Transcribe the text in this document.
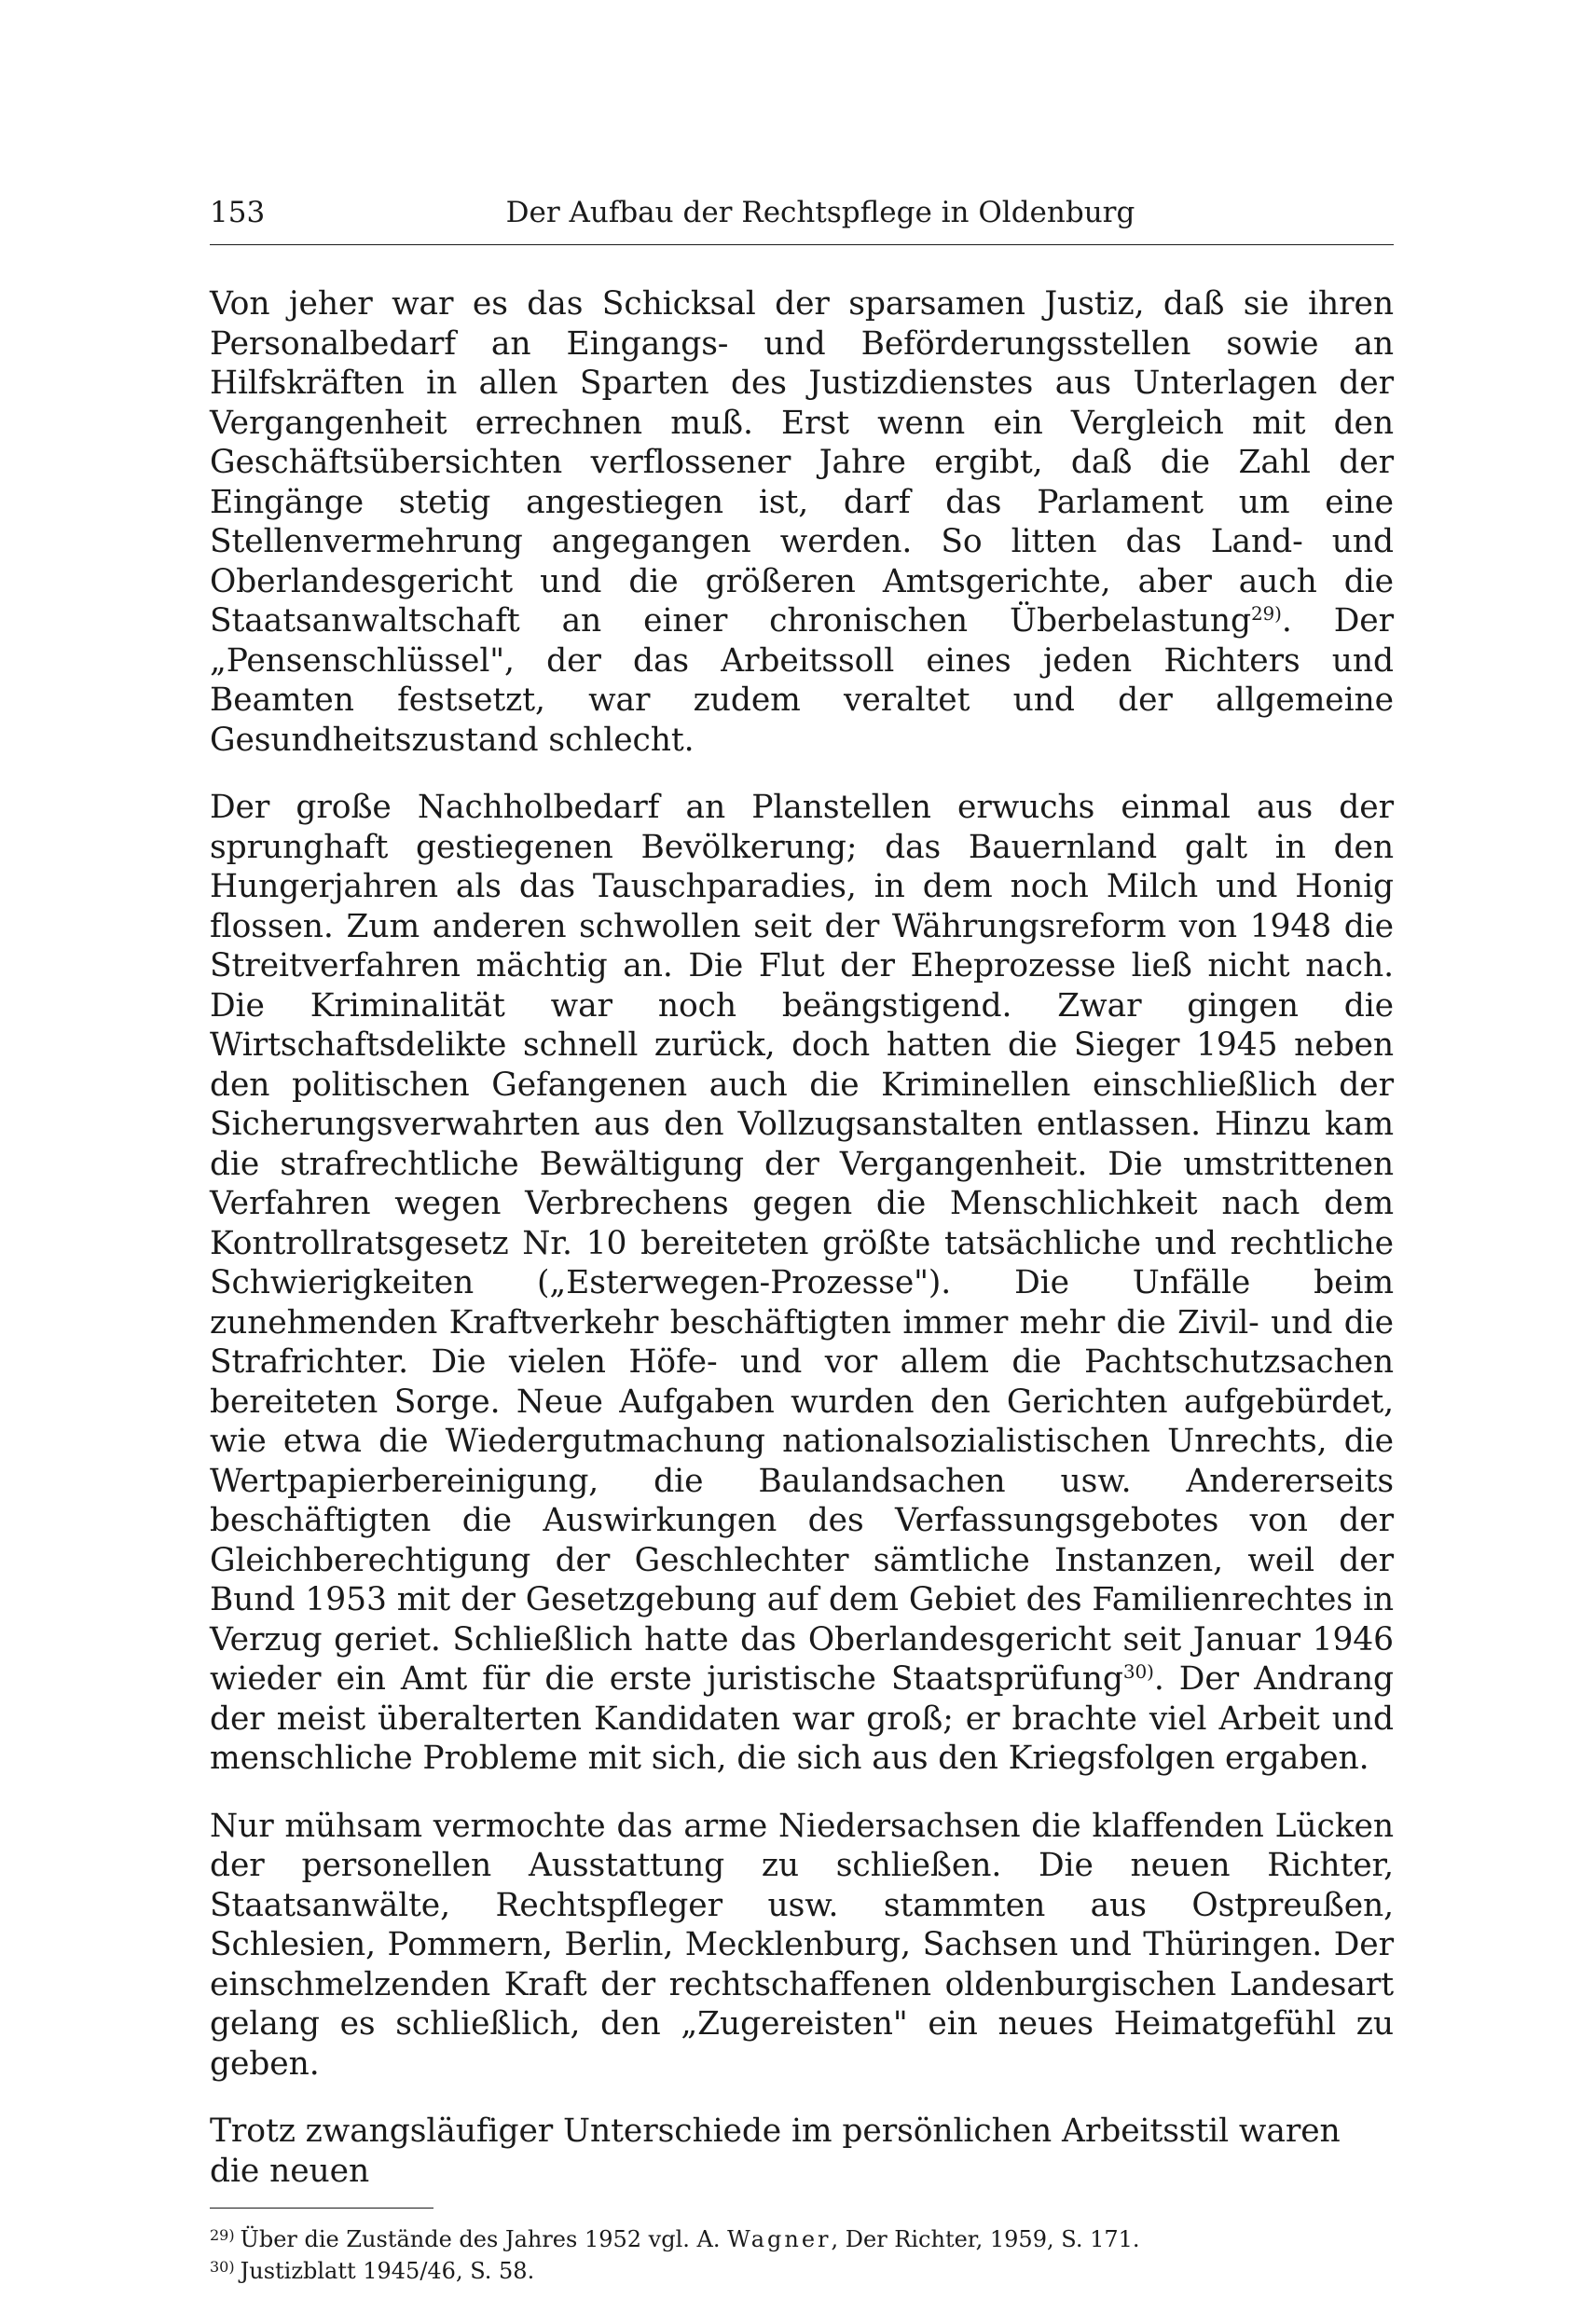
153	Der Aufbau der Rechtspflege in Oldenburg

Von jeher war es das Schicksal der sparsamen Justiz, daß sie ihren Personalbedarf an Eingangs- und Beförderungsstellen sowie an Hilfskräften in allen Sparten des Justizdienstes aus Unterlagen der Vergangenheit errechnen muß. Erst wenn ein Vergleich mit den Geschäftsübersichten verflossener Jahre ergibt, daß die Zahl der Eingänge stetig angestiegen ist, darf das Parlament um eine Stellenvermehrung angegangen werden. So litten das Land- und Oberlandesgericht und die größeren Amtsgerichte, aber auch die Staatsanwaltschaft an einer chronischen Überbelastung$^{29)}$. Der „Pensenschlüssel", der das Arbeitssoll eines jeden Richters und Beamten festsetzt, war zudem veraltet und der allgemeine Gesundheitszustand schlecht.

Der große Nachholbedarf an Planstellen erwuchs einmal aus der sprunghaft gestiegenen Bevölkerung; das Bauernland galt in den Hungerjahren als das Tauschparadies, in dem noch Milch und Honig flossen. Zum anderen schwollen seit der Währungsreform von 1948 die Streitverfahren mächtig an. Die Flut der Eheprozesse ließ nicht nach. Die Kriminalität war noch beängstigend. Zwar gingen die Wirtschaftsdelikte schnell zurück, doch hatten die Sieger 1945 neben den politischen Gefangenen auch die Kriminellen einschließlich der Sicherungsverwahrten aus den Vollzugsanstalten entlassen. Hinzu kam die strafrechtliche Bewältigung der Vergangenheit. Die umstrittenen Verfahren wegen Verbrechens gegen die Menschlichkeit nach dem Kontrollratsgesetz Nr. 10 bereiteten größte tatsächliche und rechtliche Schwierigkeiten („Esterwegen-Prozesse"). Die Unfälle beim zunehmenden Kraftverkehr beschäftigten immer mehr die Zivil- und die Strafrichter. Die vielen Höfe- und vor allem die Pachtschutzsachen bereiteten Sorge. Neue Aufgaben wurden den Gerichten aufgebürdet, wie etwa die Wiedergutmachung nationalsozialistischen Unrechts, die Wertpapierbereinigung, die Baulandsachen usw. Andererseits beschäftigten die Auswirkungen des Verfassungsgebotes von der Gleichberechtigung der Geschlechter sämtliche Instanzen, weil der Bund 1953 mit der Gesetzgebung auf dem Gebiet des Familienrechtes in Verzug geriet. Schließlich hatte das Oberlandesgericht seit Januar 1946 wieder ein Amt für die erste juristische Staatsprüfung$^{30)}$. Der Andrang der meist überalterten Kandidaten war groß; er brachte viel Arbeit und menschliche Probleme mit sich, die sich aus den Kriegsfolgen ergaben.

Nur mühsam vermochte das arme Niedersachsen die klaffenden Lücken der personellen Ausstattung zu schließen. Die neuen Richter, Staatsanwälte, Rechtspfleger usw. stammten aus Ostpreußen, Schlesien, Pommern, Berlin, Mecklenburg, Sachsen und Thüringen. Der einschmelzenden Kraft der rechtschaffenen oldenburgischen Landesart gelang es schließlich, den „Zugereisten" ein neues Heimatgefühl zu geben.

Trotz zwangsläufiger Unterschiede im persönlichen Arbeitsstil waren die neuen

$^{29)}$ Über die Zustände des Jahres 1952 vgl. A. Wagner, Der Richter, 1959, S. 171.

$^{30)}$ Justizblatt 1945/46, S. 58.
